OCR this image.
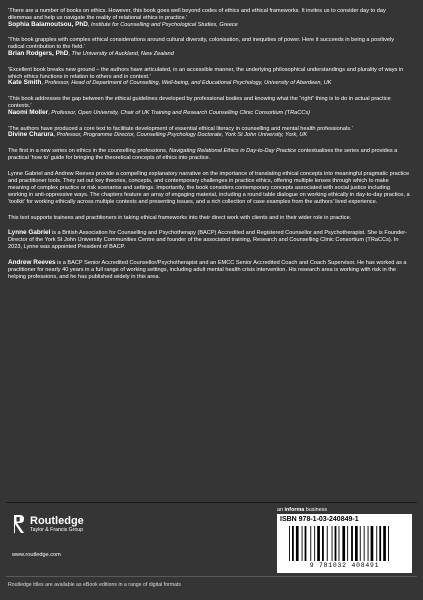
‘There are a number of books on ethics. However, this book goes well beyond codes of ethics and ethical frameworks. It invites us to consider day to day dilemmas and help us navigate the reality of relational ethics in practice.’

Sophia Balamoutsou, PhD, Institute for Counselling and Psychological Studies, Greece

‘This book grapples with complex ethical considerations around cultural diversity, colonisation, and inequities of power. Here it succeeds in being a positively radical contribution to the field.’

Brian Rodgers, PhD, The University of Auckland, New Zealand

‘Excellent book breaks new ground – the authors have articulated, in an accessible manner, the underlying philosophical understandings and plurality of ways in which ethics functions in relation to others and in context.’

Kate Smith, Professor, Head of Department of Counselling, Well-being, and Educational Psychology, University of Aberdeen, UK

‘This book addresses the gap between the ethical guidelines developed by professional bodies and knowing what the “right” thing is to do in actual practice contexts.’

Naomi Moller, Professor, Open University, Chair of UK Training and Research Counselling Clinic Consortium (TRaCCs)

‘The authors have produced a core text to facilitate development of essential ethical literacy in counselling and mental health professionals.’

Divine Charura, Professor, Programme Director, Counselling Psychology Doctorate, York St John University, York, UK

The first in a new series on ethics in the counselling professions, Navigating Relational Ethics in Day-to-Day Practice contextualises the series and provides a practical ‘how to’ guide for bringing the theoretical concepts of ethics into practice.

Lynne Gabriel and Andrew Reeves provide a compelling explanatory narrative on the importance of translating ethical concepts into meaningful pragmatic practice and practitioner tools. They set out key theories, concepts, and contemporary challenges in practice ethics, offering multiple lenses through which to make meaning of complex practice or risk scenarios and settings. Importantly, the book considers contemporary concepts associated with social justice including working in anti-oppressive ways. The chapters feature an array of engaging material, including a round table dialogue on working ethically in day-to-day practice, a ‘toolkit’ for working ethically across multiple contexts and presenting issues, and a rich collection of case examples from the authors’ lived experience.

This text supports trainees and practitioners in taking ethical frameworks into their direct work with clients and in their wider role in practice.

Lynne Gabriel is a British Association for Counselling and Psychotherapy (BACP) Accredited and Registered Counsellor and Psychotherapist. She is Founder-Director of the York St John University Communities Centre and founder of the associated training, Research and Counselling Clinic Consortium (TRaCCs). In 2023, Lynne was appointed President of BACP.

Andrew Reeves is a BACP Senior Accredited Counsellor/Psychotherapist and an EMCC Senior Accredited Coach and Coach Supervisor. He has worked as a practitioner for nearly 40 years in a full range of working settings, including adult mental health crisis intervention. His research area is working with risk in the helping professions, and he has published widely in this area.

Routledge
Taylor & Francis Group
www.routledge.com
an informa business
ISBN 978-1-03-240849-1
9 781032 408491
Routledge titles are available as eBook editions in a range of digital formats
